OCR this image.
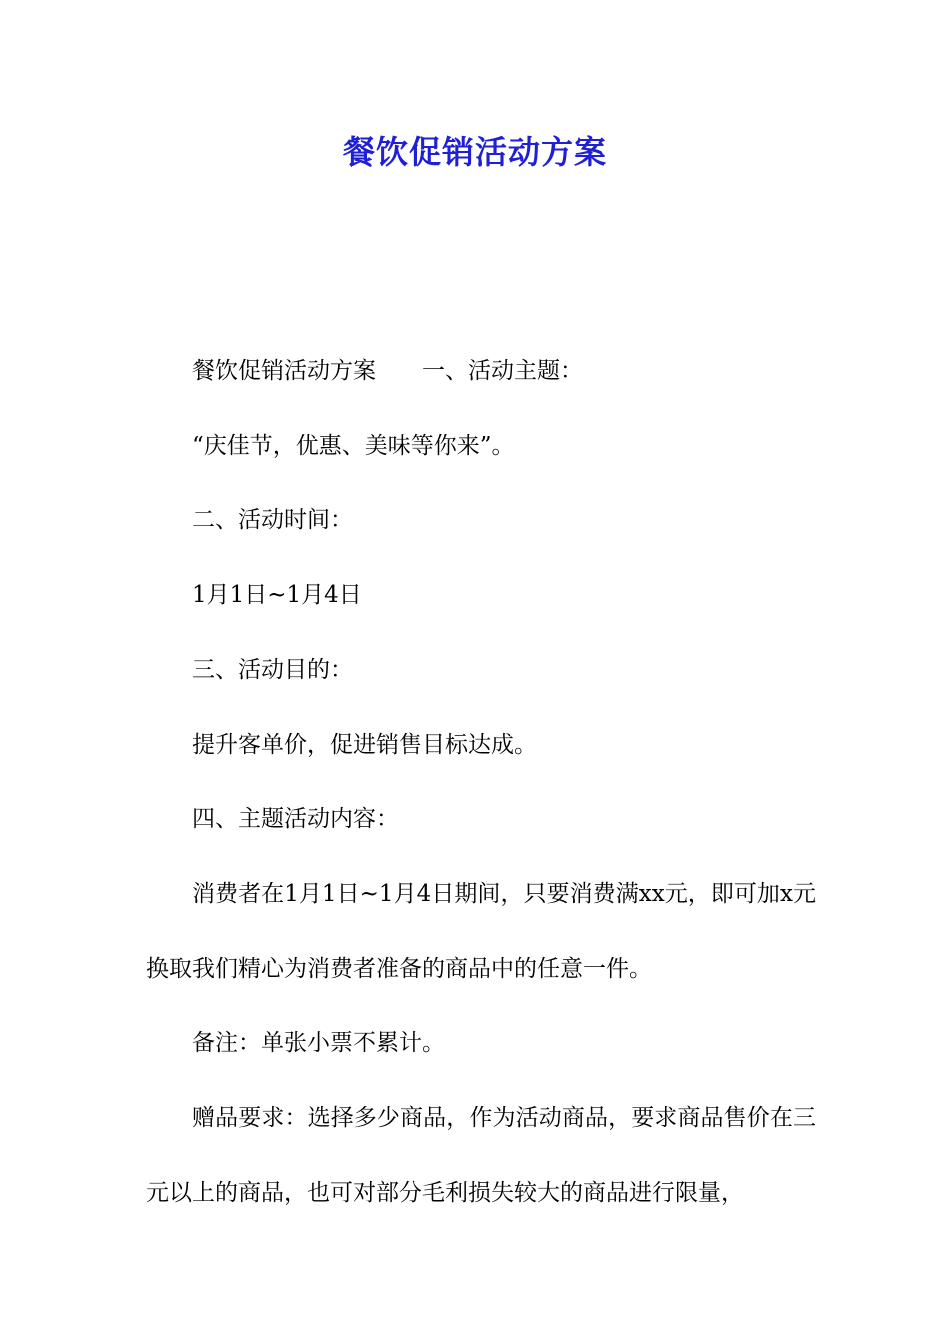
餐饮促销活动方案

餐饮促销活动方案 一、活动主题：

“庆佳节，优惠、美味等你来”。

二、活动时间：

1月1日~1月4日

三、活动目的：

提升客单价，促进销售目标达成。

四、主题活动内容：

消费者在1月1日~1月4日期间，只要消费满xx元，即可加x元换取我们精心为消费者准备的商品中的任意一件。

备注：单张小票不累计。

赠品要求：选择多少商品，作为活动商品，要求商品售价在三元以上的商品，也可对部分毛利损失较大的商品进行限量，
